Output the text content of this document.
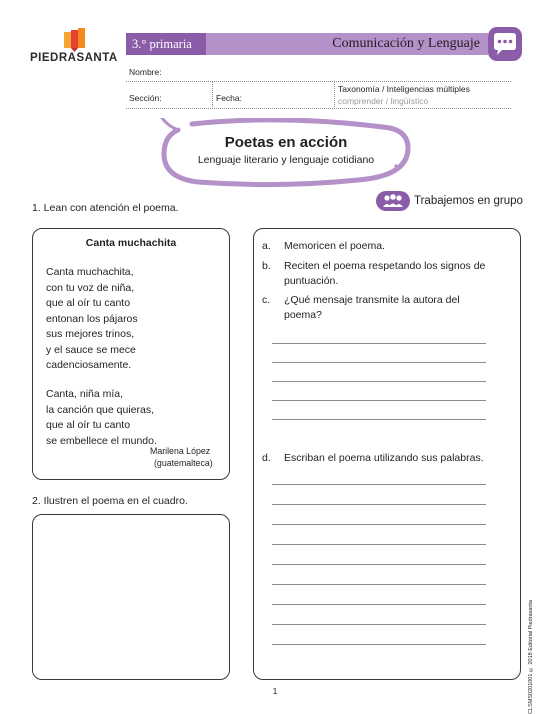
PIEDRASANTA
3.° primaria	Comunicación y Lenguaje
Nombre:
Sección:	Fecha:
Taxonomía / Inteligencias múltiples
comprender / lingüístico
Poetas en acción
Lenguaje literario y lenguaje cotidiano
1. Lean con atención el poema.
Trabajemos en grupo
Canta muchachita
Canta muchachita,
con tu voz de niña,
que al oír tu canto
entonan los pájaros
sus mejores trinos,
y el sauce se mece
cadenciosamente.
Canta, niña mía,
la canción que quieras,
que al oír tu canto
se embellece el mundo.
Marilena López
(guatemalteca)
2. Ilustren el poema en el cuadro.
a. Memoricen el poema.
b. Reciten el poema respetando los signos de
puntuación.
c. ¿Qué mensaje transmite la autora del
poema?
d. Escriban el poema utilizando sus palabras.
CLSMS0201001 © 2018 Editorial Piedrasanta
1
